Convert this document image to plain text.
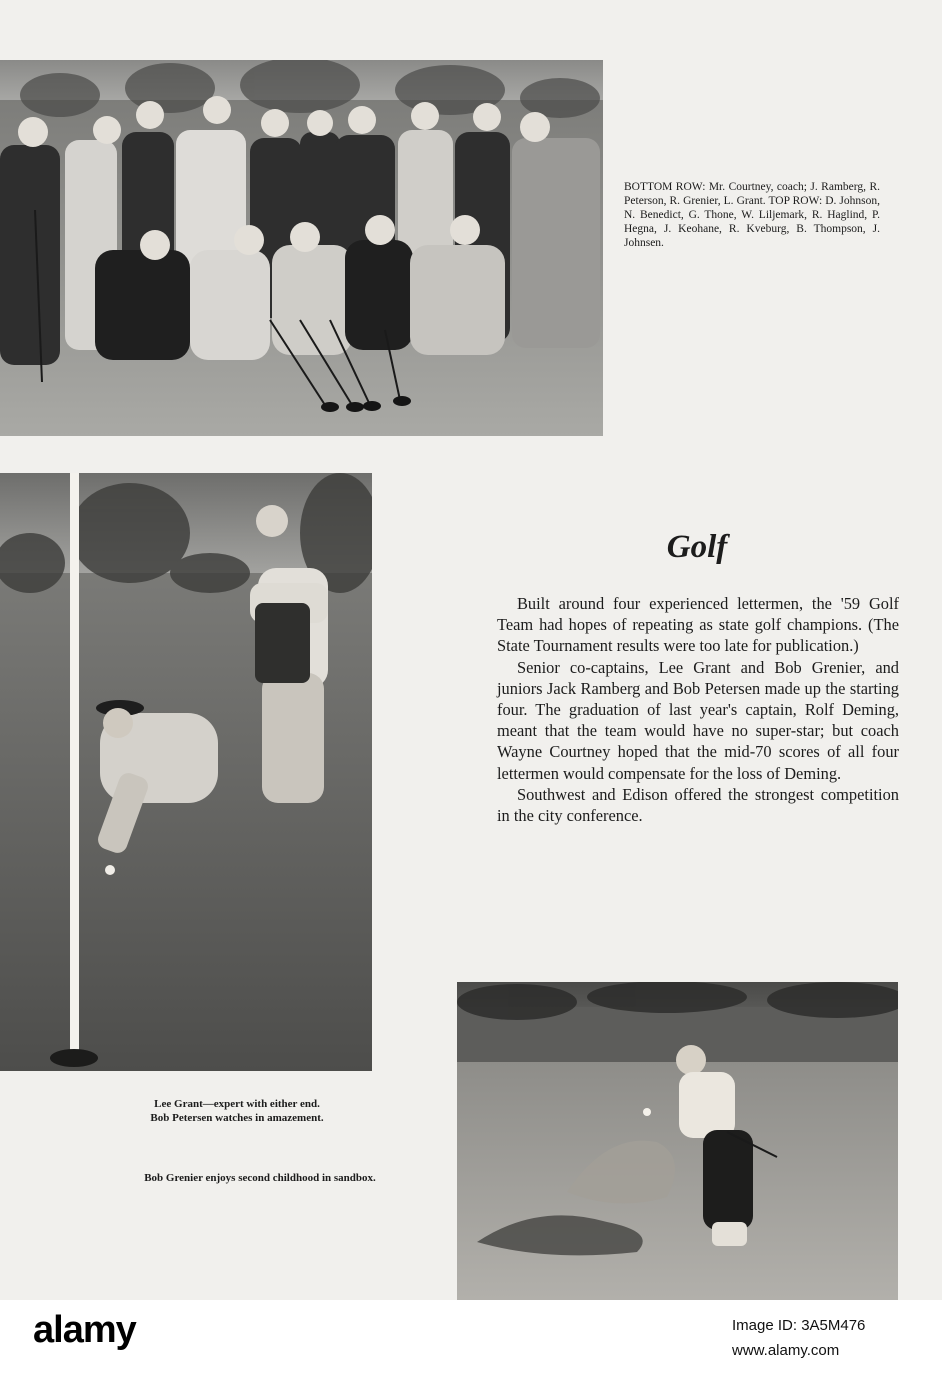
BOTTOM ROW: Mr. Courtney, coach; J. Ramberg, R. Peterson, R. Grenier, L. Grant. TOP ROW: D. Johnson, N. Benedict, G. Thone, W. Liljemark, R. Haglind, P. Hegna, J. Keohane, R. Kveburg, B. Thompson, J. Johnsen.
Lee Grant—expert with either end.
Bob Petersen watches in amazement.
Bob Grenier enjoys second childhood in sandbox.
Golf

Built around four experienced lettermen, the '59 Golf Team had hopes of repeating as state golf champions. (The State Tournament results were too late for publication.)

Senior co-captains, Lee Grant and Bob Grenier, and juniors Jack Ramberg and Bob Petersen made up the starting four. The graduation of last year's captain, Rolf Deming, meant that the team would have no super-star; but coach Wayne Courtney hoped that the mid-70 scores of all four lettermen would compensate for the loss of Deming.

Southwest and Edison offered the strongest competition in the city conference.

alamy	Image ID: 3A5M476
www.alamy.com
